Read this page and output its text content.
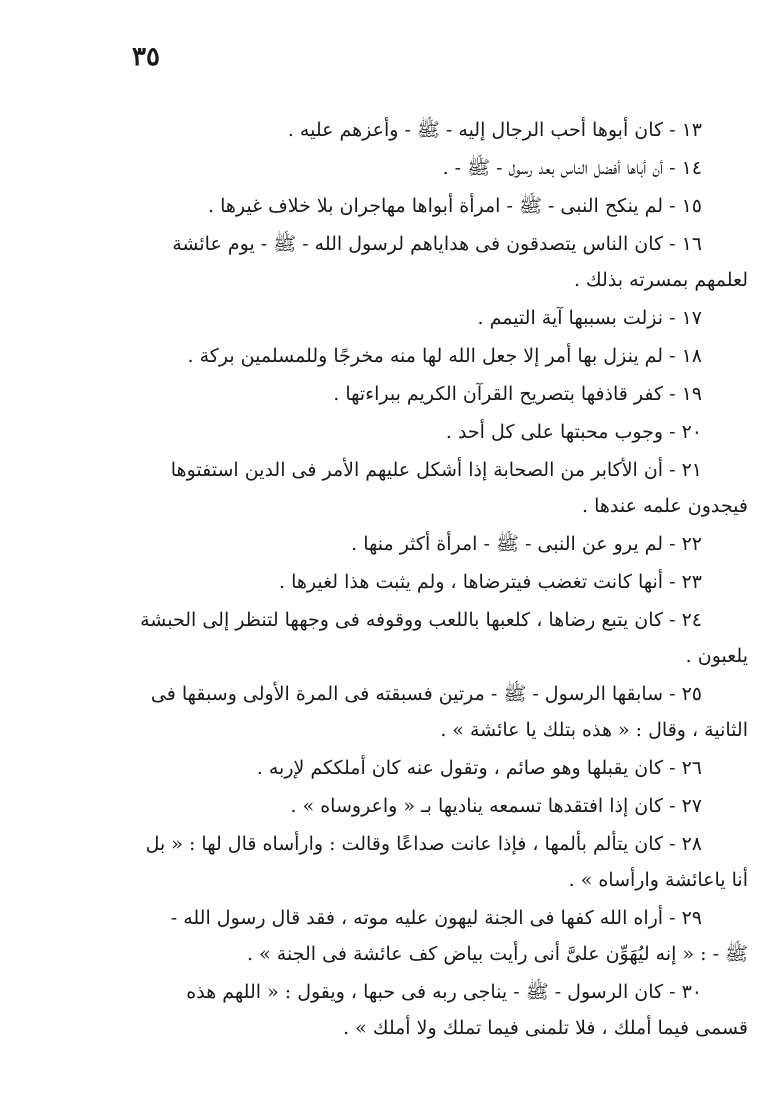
٣٥

١٣ - كان أبوها أحب الرجال إليه - ﷺ - وأعزهم عليه .

١٤ - أن أباها أفضل الناس بعد رسول - ﷺ - .

١٥ - لم ينكح النبى - ﷺ - امرأة أبواها مهاجران بلا خلاف غيرها .

١٦ - كان الناس يتصدقون فى هداياهم لرسول الله - ﷺ - يوم عائشة
لعلمهم بمسرته بذلك .

١٧ - نزلت بسببها آية التيمم .

١٨ - لم ينزل بها أمر إلا جعل الله لها منه مخرجًا وللمسلمين بركة .

١٩ - كفر قاذفها بتصريح القرآن الكريم ببراءتها .

٢٠ - وجوب محبتها على كل أحد .

٢١ - أن الأكابر من الصحابة إذا أشكل عليهم الأمر فى الدين استفتوها
فيجدون علمه عندها .

٢٢ - لم يرو عن النبى - ﷺ - امرأة أكثر منها .

٢٣ - أنها كانت تغضب فيترضاها ، ولم يثبت هذا لغيرها .

٢٤ - كان يتبع رضاها ، كلعبها باللعب ووقوفه فى وجهها لتنظر إلى الحبشة
يلعبون .
٢٥ - سابقها الرسول - ﷺ - مرتين فسبقته فى المرة الأولى وسبقها فى
الثانية ، وقال : « هذه بتلك يا عائشة » .

٢٦ - كان يقبلها وهو صائم ، وتقول عنه كان أملككم لإربه .

٢٧ - كان إذا افتقدها تسمعه يناديها بـ « واعروساه » .

٢٨ - كان يتألم بألمها ، فإذا عانت صداعًا وقالت : وارأساه قال لها : « بل
أنا ياعائشة وارأساه » .
٢٩ - أراه الله كفها فى الجنة ليهون عليه موته ، فقد قال رسول الله -
ﷺ - : « إنه ليُهَوِّن علىَّ أنى رأيت بياض كف عائشة فى الجنة » .
٣٠ - كان الرسول - ﷺ - يناجى ربه فى حبها ، ويقول : « اللهم هذه
قسمى فيما أملك ، فلا تلمنى فيما تملك ولا أملك » .
